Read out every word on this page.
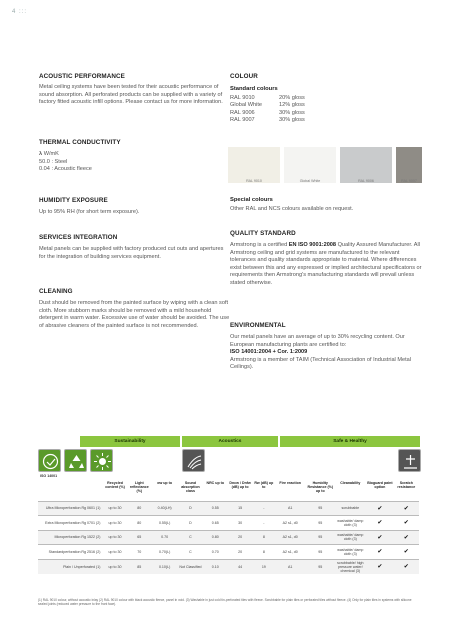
4 :::
ACOUSTIC PERFORMANCE
Metal ceiling systems have been tested for their acoustic performance of sound absorption. All perforated products can be supplied with a variety of factory fitted acoustic infill options. Please contact us for more information.
THERMAL CONDUCTIVITY
λ W/mK
50.0 : Steel
0.04 : Acoustic fleece
HUMIDITY EXPOSURE
Up to 95% RH (for short term exposure).
SERVICES INTEGRATION
Metal panels can be supplied with factory produced cut outs and apertures for the integration of building services equipment.
CLEANING
Dust should be removed from the painted surface by wiping with a clean soft cloth. More stubborn marks should be removed with a mild household detergent in warm water. Excessive use of water should be avoided. The use of abrasive cleaners of the painted surface is not recommended.
COLOUR
Standard colours
RAL 9010	20% gloss
Global White	12% gloss
RAL 9006	30% gloss
RAL 9007	30% gloss
RAL 9010	Global White	RAL 9006	RAL 9007
Special colours
Other RAL and NCS colours available on request.
QUALITY STANDARD
Armstrong is a certified EN ISO 9001:2008 Quality Assured Manufacturer. All Armstrong ceiling and grid systems are manufactured to the relevant tolerances and quality standards appropriate to material. Where differences exist between this and any expressed or implied architectural specificatons or requirements then Armstrong's manufacturing standards will prevail unless stated otherwise.
ENVIRONMENTAL
Our metal panels have an average of up to 30% recycling content. Our European manufacturing plants are certified to:
ISO 14001:2004 + Cor. 1:2009
Armstrong is a member of TAIM (Technical Association of Industrial Metal Ceilings).
Sustainability	Acoustics	Safe & Healthy
ISO 14001
	Recycled content (%)	Light reflectance (%)	αw up to	Sound absorption class	NRC up to	Dncw / Dnfw (dB) up to	Rw (dB) up to	Fire reaction	Humidity Resistance (%) up to	Cleanability	Bioguard paint option	Scratch resistance
Ultra Microperforation Rg 0601 (1)	up to 30	80	0.40(LH)	D	0.55	15	-	A1	95	scrubbable	✔	✔
Extra Microperforation Rg 0701 (2)	up to 30	80	0.55(L)	D	0.65	30	-	A2 s1, d0	95	washable/ damp cloth (3)	✔	✔
Microperforation Rg 1522 (2)	up to 30	65	0.70	C	0.80	20	8	A2 s1, d0	95	washable/ damp cloth (3)	✔	✔
Standardperforation Rg 2516 (2)	up to 30	70	0.70(L)	C	0.70	20	8	A2 s1, d0	95	washable/ damp cloth (3)	✔	✔
Plain / Unperforated (1)	up to 30	85	0.10(L)	Not Classified	0.10	44	19	A1	95	scrubbable/ high pressure water/ chemical (3)	✔	✔
(1) RAL 9010 colour, without acoustic inlay (2) RAL 9010 colour with black acoustic fleece, panel in void. (3) Washable in just cold tin-perforated tiles with fleece. Scrubbable for plain tiles or perforated tiles without fleece. (4) Only for plain tiles in systems with silicone sealed joints (reduced water pressure to the front face).
